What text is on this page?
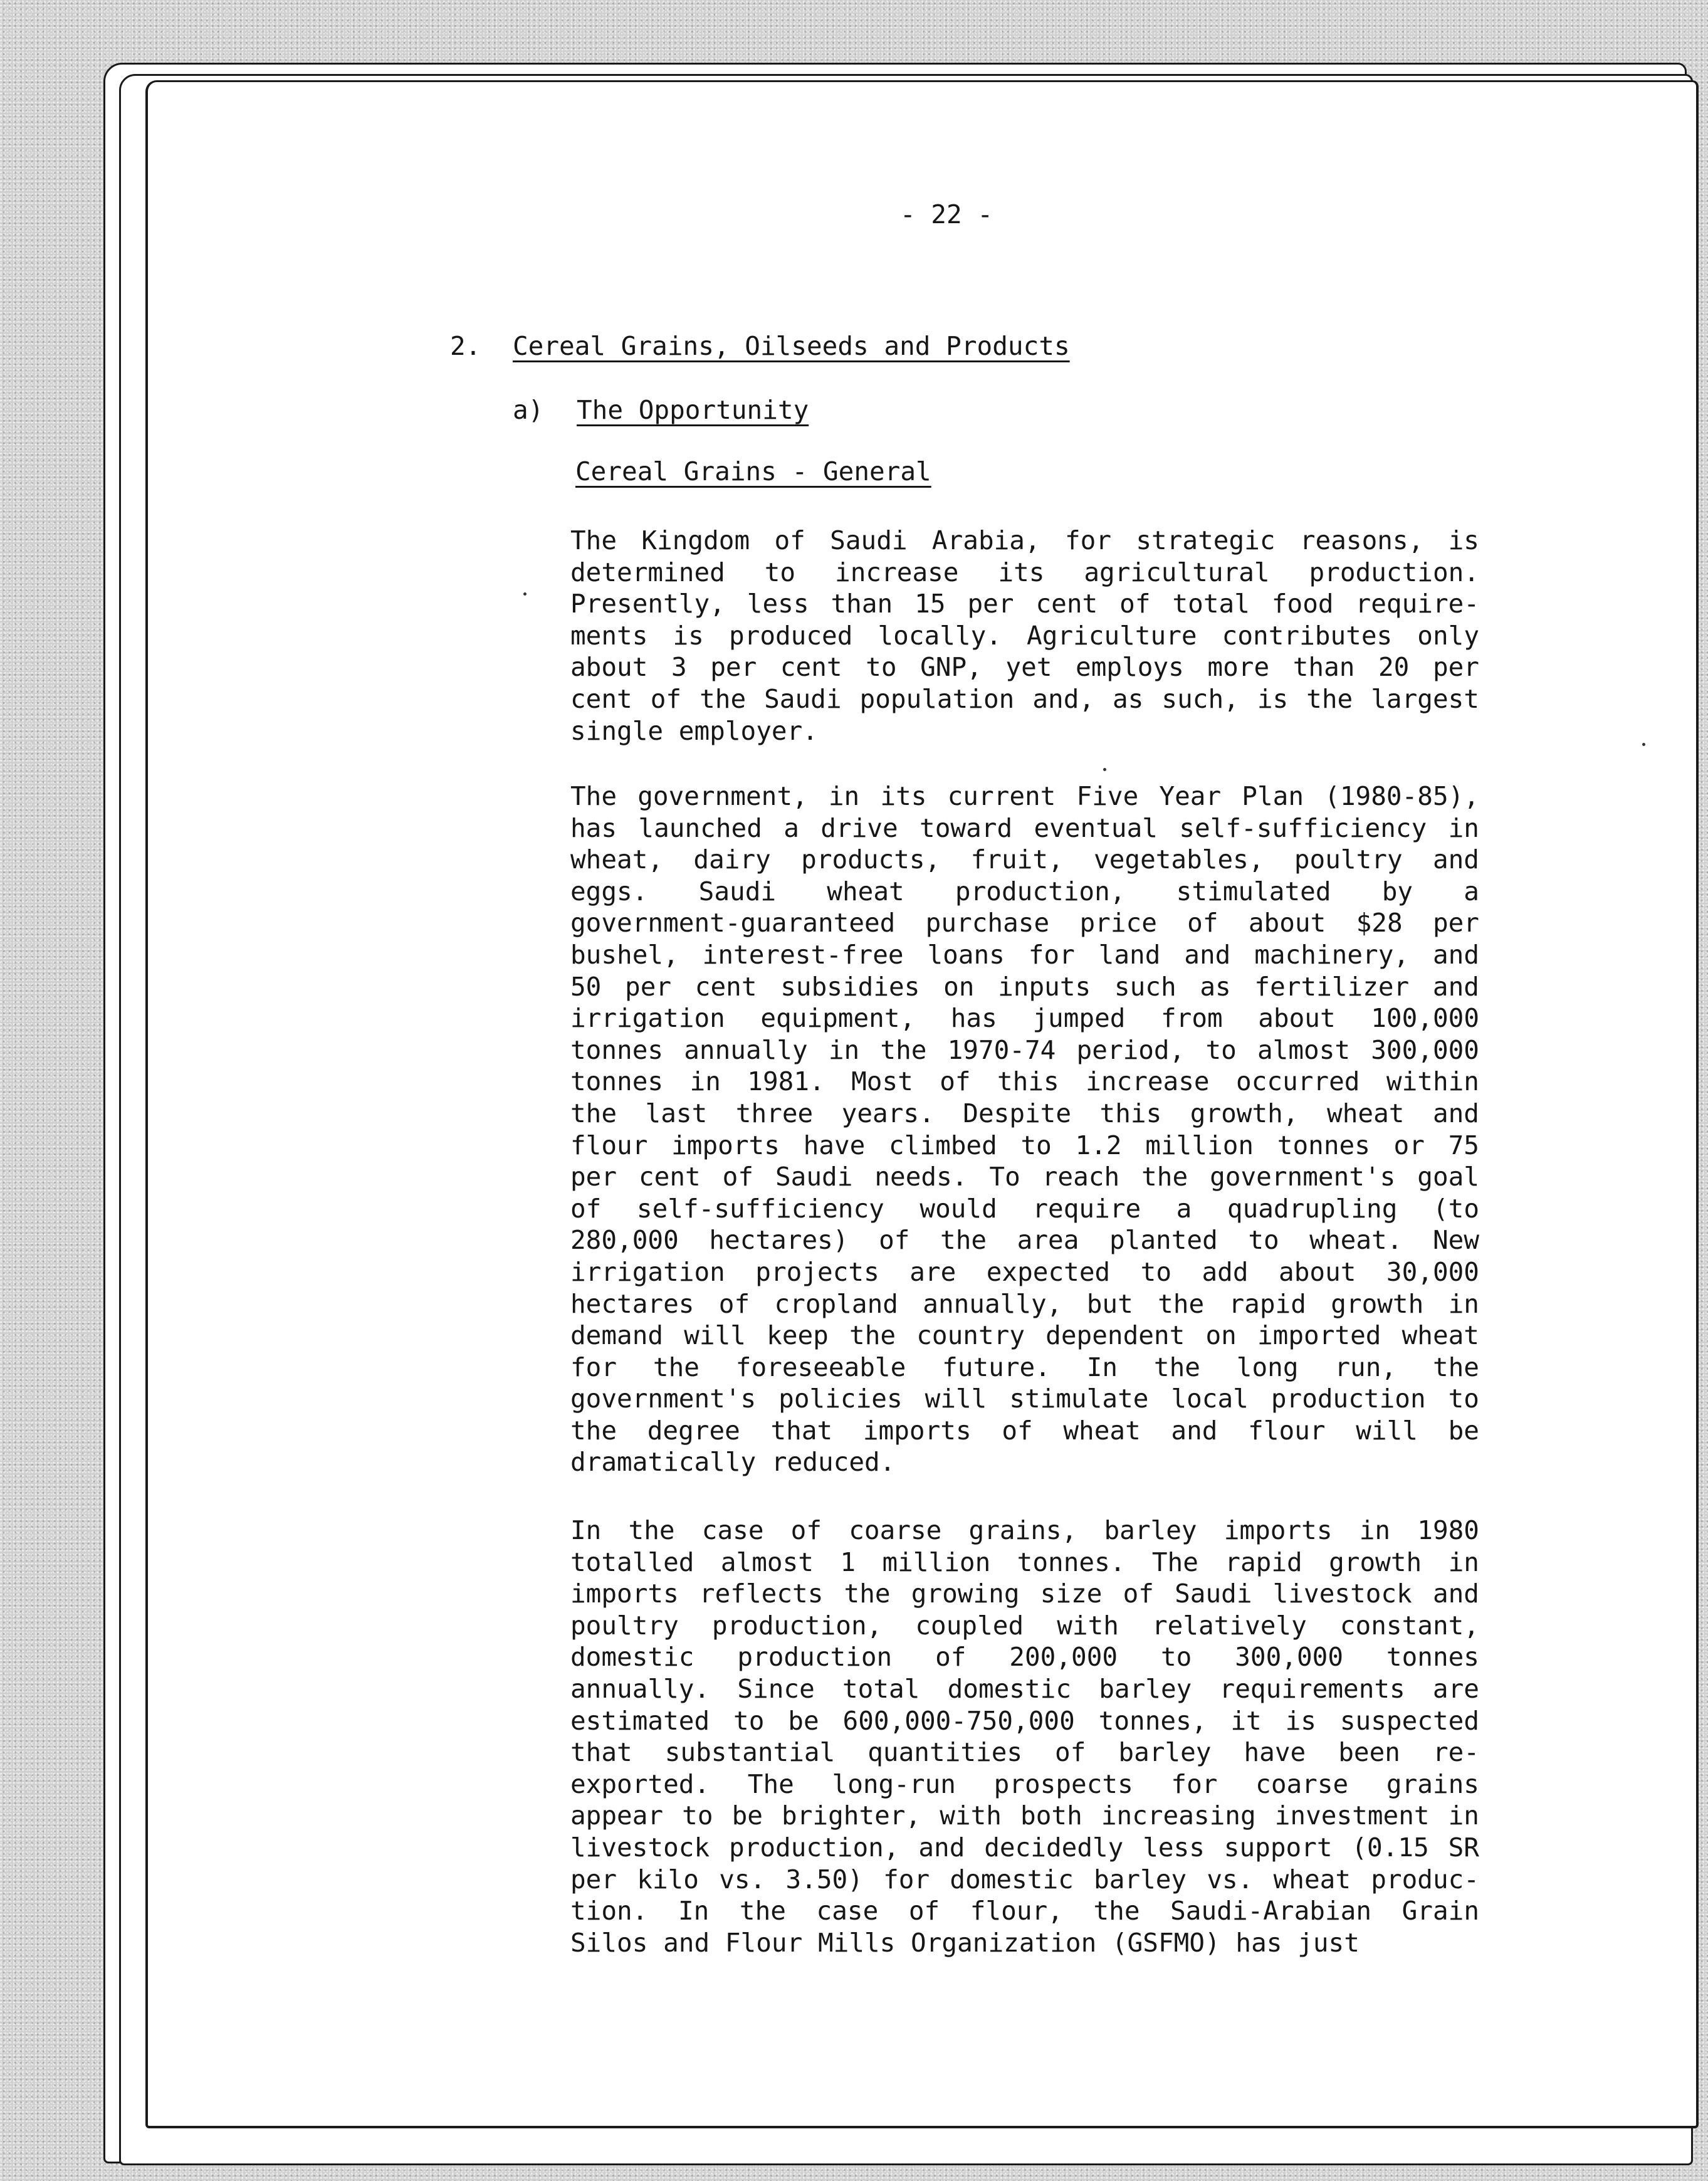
- 22 -
2. Cereal Grains, Oilseeds and Products
a) The Opportunity
Cereal Grains - General
The Kingdom of Saudi Arabia, for strategic reasons, is
determined to increase its agricultural production.
Presently, less than 15 per cent of total food require-
ments is produced locally. Agriculture contributes only
about 3 per cent to GNP, yet employs more than 20 per
cent of the Saudi population and, as such, is the largest
single employer.
The government, in its current Five Year Plan (1980-85),
has launched a drive toward eventual self-sufficiency in
wheat, dairy products, fruit, vegetables, poultry and
eggs. Saudi wheat production, stimulated by a
government-guaranteed purchase price of about $28 per
bushel, interest-free loans for land and machinery, and
50 per cent subsidies on inputs such as fertilizer and
irrigation equipment, has jumped from about 100,000
tonnes annually in the 1970-74 period, to almost 300,000
tonnes in 1981. Most of this increase occurred within
the last three years. Despite this growth, wheat and
flour imports have climbed to 1.2 million tonnes or 75
per cent of Saudi needs. To reach the government's goal
of self-sufficiency would require a quadrupling (to
280,000 hectares) of the area planted to wheat. New
irrigation projects are expected to add about 30,000
hectares of cropland annually, but the rapid growth in
demand will keep the country dependent on imported wheat
for the foreseeable future. In the long run, the
government's policies will stimulate local production to
the degree that imports of wheat and flour will be
dramatically reduced.
In the case of coarse grains, barley imports in 1980
totalled almost 1 million tonnes. The rapid growth in
imports reflects the growing size of Saudi livestock and
poultry production, coupled with relatively constant,
domestic production of 200,000 to 300,000 tonnes
annually. Since total domestic barley requirements are
estimated to be 600,000-750,000 tonnes, it is suspected
that substantial quantities of barley have been re-
exported. The long-run prospects for coarse grains
appear to be brighter, with both increasing investment in
livestock production, and decidedly less support (0.15 SR
per kilo vs. 3.50) for domestic barley vs. wheat produc-
tion. In the case of flour, the Saudi-Arabian Grain
Silos and Flour Mills Organization (GSFMO) has just
